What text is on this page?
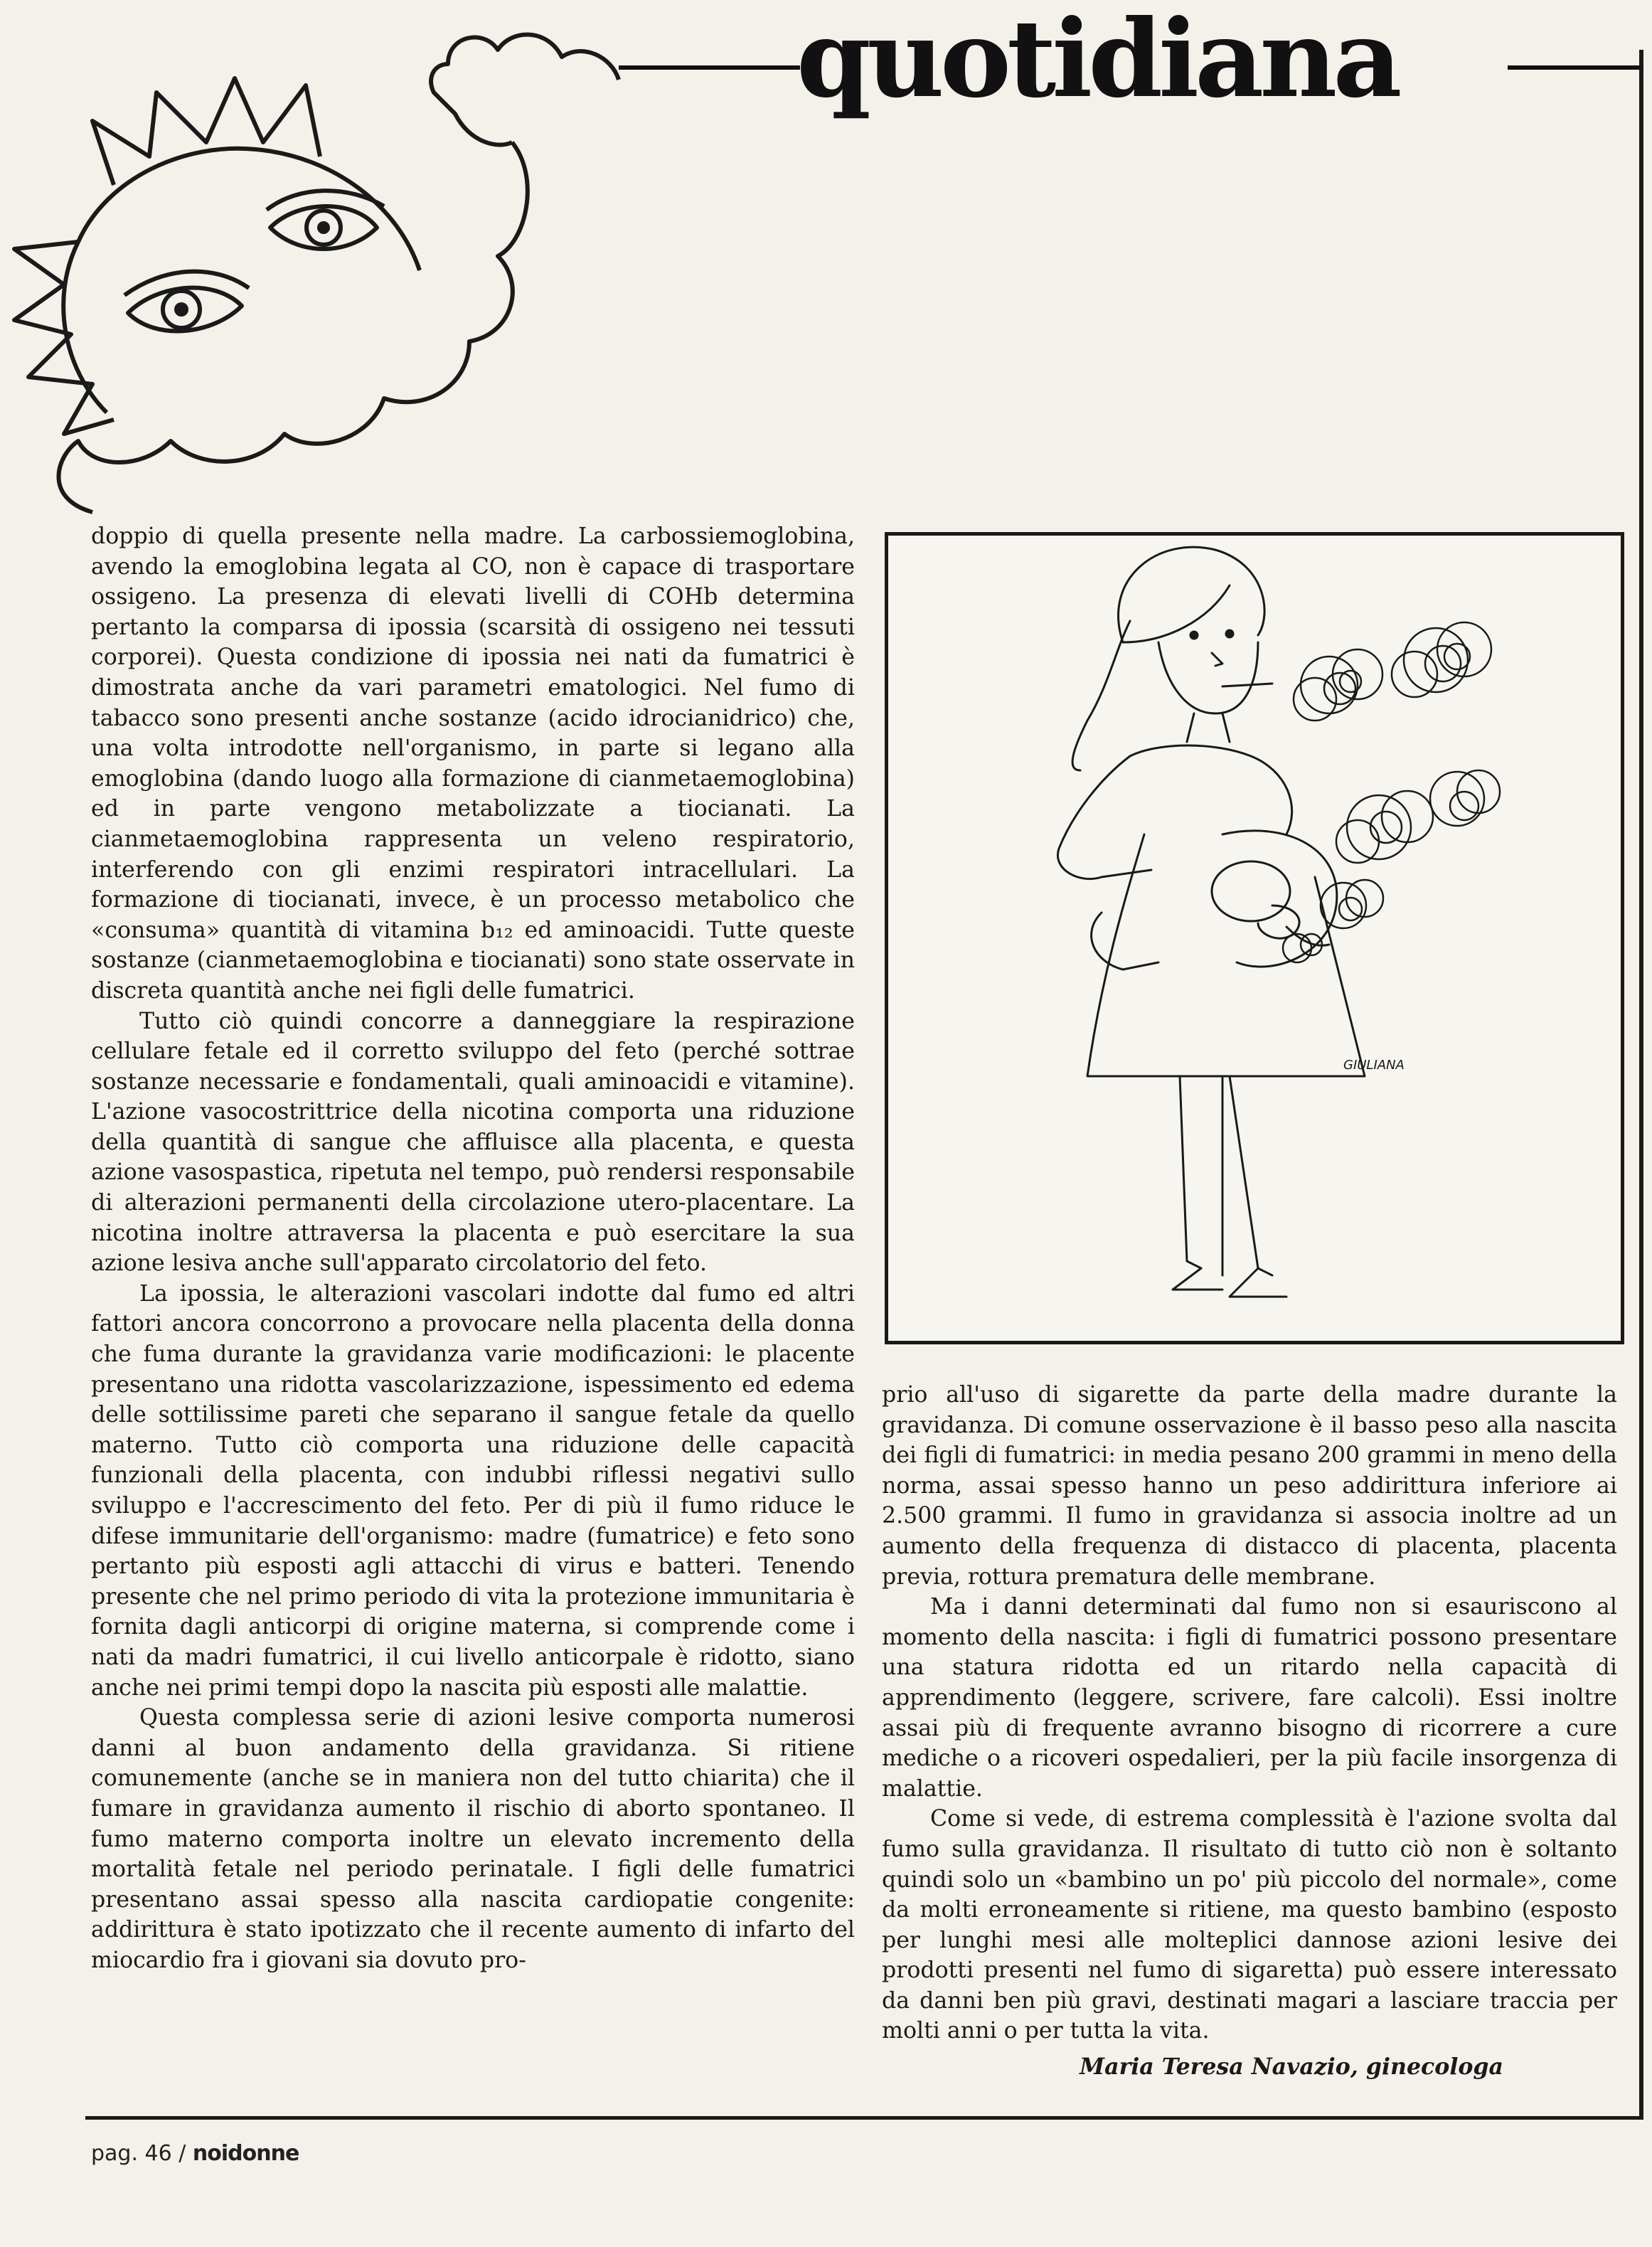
quotidiana

doppio di quella presente nella madre. La carbossiemoglobina, avendo la emoglobina legata al CO, non è capace di trasportare ossigeno. La presenza di elevati livelli di COHb determina pertanto la comparsa di ipossia (scarsità di ossigeno nei tessuti corporei). Questa condizione di ipossia nei nati da fumatrici è dimostrata anche da vari parametri ematologici. Nel fumo di tabacco sono presenti anche sostanze (acido idrocianidrico) che, una volta introdotte nell'organismo, in parte si legano alla emoglobina (dando luogo alla formazione di cianmetaemoglobina) ed in parte vengono metabolizzate a tiocianati. La cianmetaemoglobina rappresenta un veleno respiratorio, interferendo con gli enzimi respiratori intracellulari. La formazione di tiocianati, invece, è un processo metabolico che «consuma» quantità di vitamina b₁₂ ed aminoacidi. Tutte queste sostanze (cianmetaemoglobina e tiocianati) sono state osservate in discreta quantità anche nei figli delle fumatrici.

Tutto ciò quindi concorre a danneggiare la respirazione cellulare fetale ed il corretto sviluppo del feto (perché sottrae sostanze necessarie e fondamentali, quali aminoacidi e vitamine). L'azione vasocostrittrice della nicotina comporta una riduzione della quantità di sangue che affluisce alla placenta, e questa azione vasospastica, ripetuta nel tempo, può rendersi responsabile di alterazioni permanenti della circolazione utero-placentare. La nicotina inoltre attraversa la placenta e può esercitare la sua azione lesiva anche sull'apparato circolatorio del feto.

La ipossia, le alterazioni vascolari indotte dal fumo ed altri fattori ancora concorrono a provocare nella placenta della donna che fuma durante la gravidanza varie modificazioni: le placente presentano una ridotta vascolarizzazione, ispessimento ed edema delle sottilissime pareti che separano il sangue fetale da quello materno. Tutto ciò comporta una riduzione delle capacità funzionali della placenta, con indubbi riflessi negativi sullo sviluppo e l'accrescimento del feto. Per di più il fumo riduce le difese immunitarie dell'organismo: madre (fumatrice) e feto sono pertanto più esposti agli attacchi di virus e batteri. Tenendo presente che nel primo periodo di vita la protezione immunitaria è fornita dagli anticorpi di origine materna, si comprende come i nati da madri fumatrici, il cui livello anticorpale è ridotto, siano anche nei primi tempi dopo la nascita più esposti alle malattie.

Questa complessa serie di azioni lesive comporta numerosi danni al buon andamento della gravidanza. Si ritiene comunemente (anche se in maniera non del tutto chiarita) che il fumare in gravidanza aumento il rischio di aborto spontaneo. Il fumo materno comporta inoltre un elevato incremento della mortalità fetale nel periodo perinatale. I figli delle fumatrici presentano assai spesso alla nascita cardiopatie congenite: addirittura è stato ipotizzato che il recente aumento di infarto del miocardio fra i giovani sia dovuto pro-

GIULIANA

prio all'uso di sigarette da parte della madre durante la gravidanza. Di comune osservazione è il basso peso alla nascita dei figli di fumatrici: in media pesano 200 grammi in meno della norma, assai spesso hanno un peso addirittura inferiore ai 2.500 grammi. Il fumo in gravidanza si associa inoltre ad un aumento della frequenza di distacco di placenta, placenta previa, rottura prematura delle membrane.

Ma i danni determinati dal fumo non si esauriscono al momento della nascita: i figli di fumatrici possono presentare una statura ridotta ed un ritardo nella capacità di apprendimento (leggere, scrivere, fare calcoli). Essi inoltre assai più di frequente avranno bisogno di ricorrere a cure mediche o a ricoveri ospedalieri, per la più facile insorgenza di malattie.

Come si vede, di estrema complessità è l'azione svolta dal fumo sulla gravidanza. Il risultato di tutto ciò non è soltanto quindi solo un «bambino un po' più piccolo del normale», come da molti erroneamente si ritiene, ma questo bambino (esposto per lunghi mesi alle molteplici dannose azioni lesive dei prodotti presenti nel fumo di sigaretta) può essere interessato da danni ben più gravi, destinati magari a lasciare traccia per molti anni o per tutta la vita.

Maria Teresa Navazio, ginecologa

pag. 46 / noidonne
